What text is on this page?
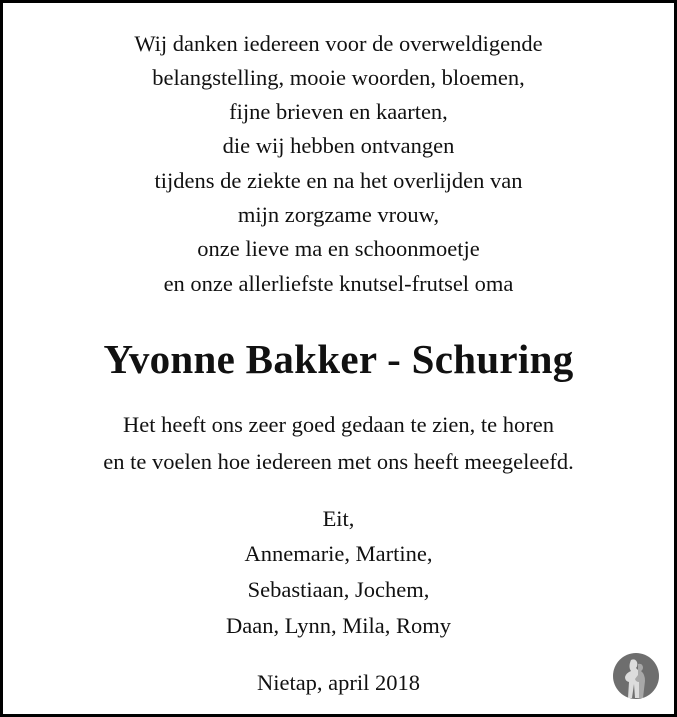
Wij danken iedereen voor de overweldigende
belangstelling, mooie woorden, bloemen,
fijne brieven en kaarten,
die wij hebben ontvangen
tijdens de ziekte en na het overlijden van
mijn zorgzame vrouw,
onze lieve ma en schoonmoetje
en onze allerliefste knutsel-frutsel oma
Yvonne Bakker - Schuring
Het heeft ons zeer goed gedaan te zien, te horen
en te voelen hoe iedereen met ons heeft meegeleefd.
Eit,
Annemarie, Martine,
Sebastiaan, Jochem,
Daan, Lynn, Mila, Romy
Nietap, april 2018
